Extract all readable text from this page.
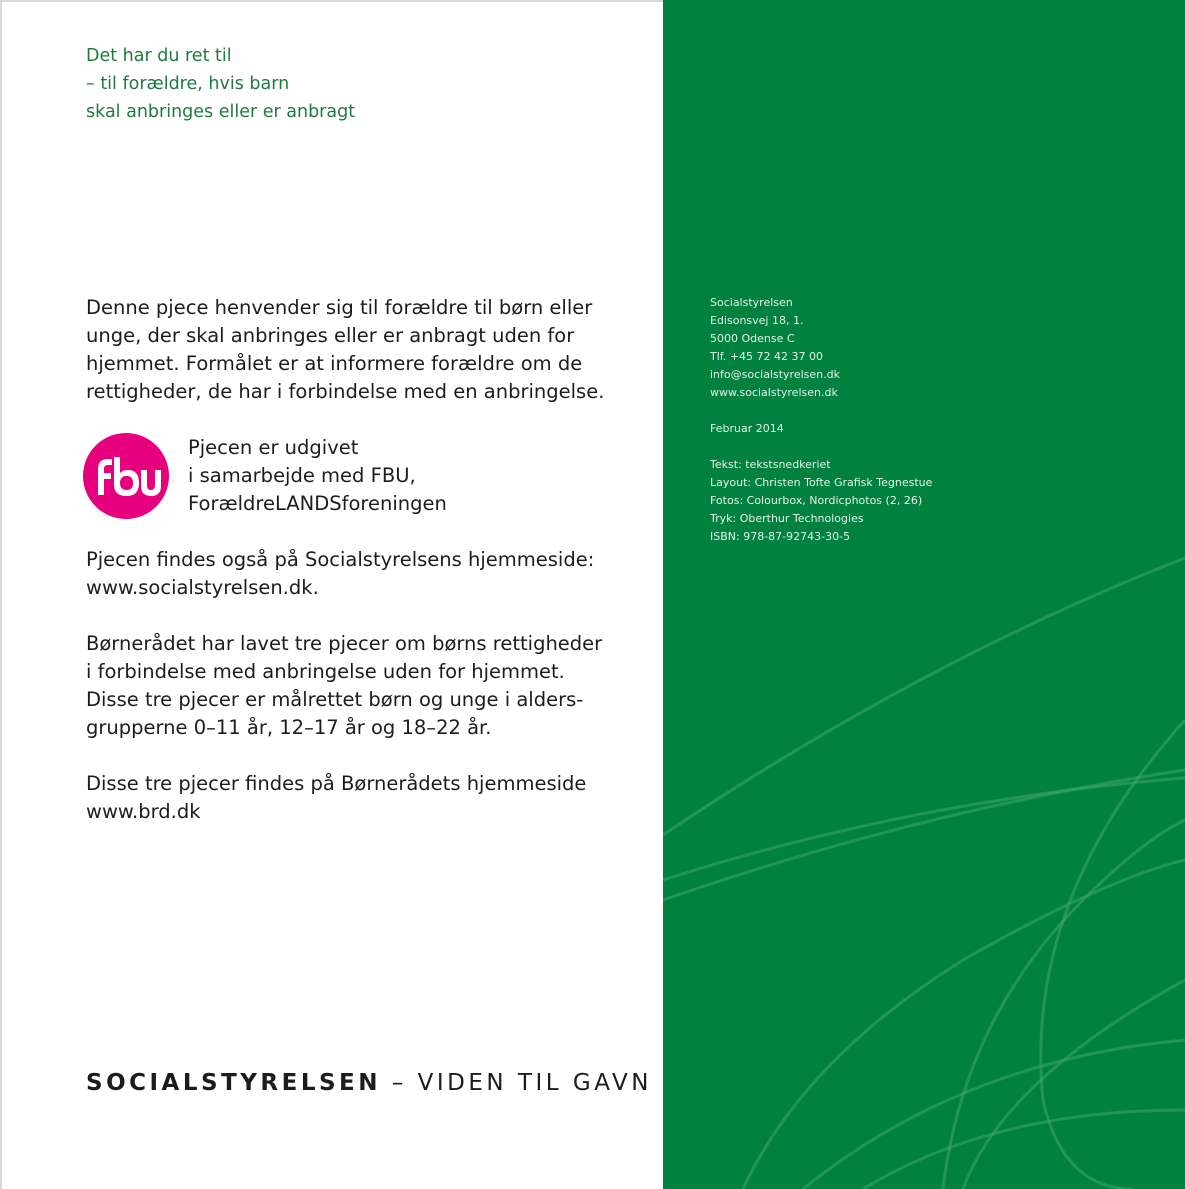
Det har du ret til
– til forældre, hvis barn
skal anbringes eller er anbragt
Denne pjece henvender sig til forældre til børn eller
unge, der skal anbringes eller er anbragt uden for
hjemmet. Formålet er at informere forældre om de
rettigheder, de har i forbindelse med en anbringelse.
Pjecen er udgivet
i samarbejde med FBU,
ForældreLANDSforeningen
Pjecen findes også på Socialstyrelsens hjemmeside:
www.socialstyrelsen.dk.
Børnerådet har lavet tre pjecer om børns rettigheder
i forbindelse med anbringelse uden for hjemmet.
Disse tre pjecer er målrettet børn og unge i alders-
grupperne 0–11 år, 12–17 år og 18–22 år.
Disse tre pjecer findes på Børnerådets hjemmeside
www.brd.dk
SOCIALSTYRELSEN – VIDEN TIL GAVN
Socialstyrelsen
Edisonsvej 18, 1.
5000 Odense C
Tlf. +45 72 42 37 00
info@socialstyrelsen.dk
www.socialstyrelsen.dk
Februar 2014
Tekst: tekstsnedkeriet
Layout: Christen Tofte Grafisk Tegnestue
Fotos: Colourbox, Nordicphotos (2, 26)
Tryk: Oberthur Technologies
ISBN: 978-87-92743-30-5
